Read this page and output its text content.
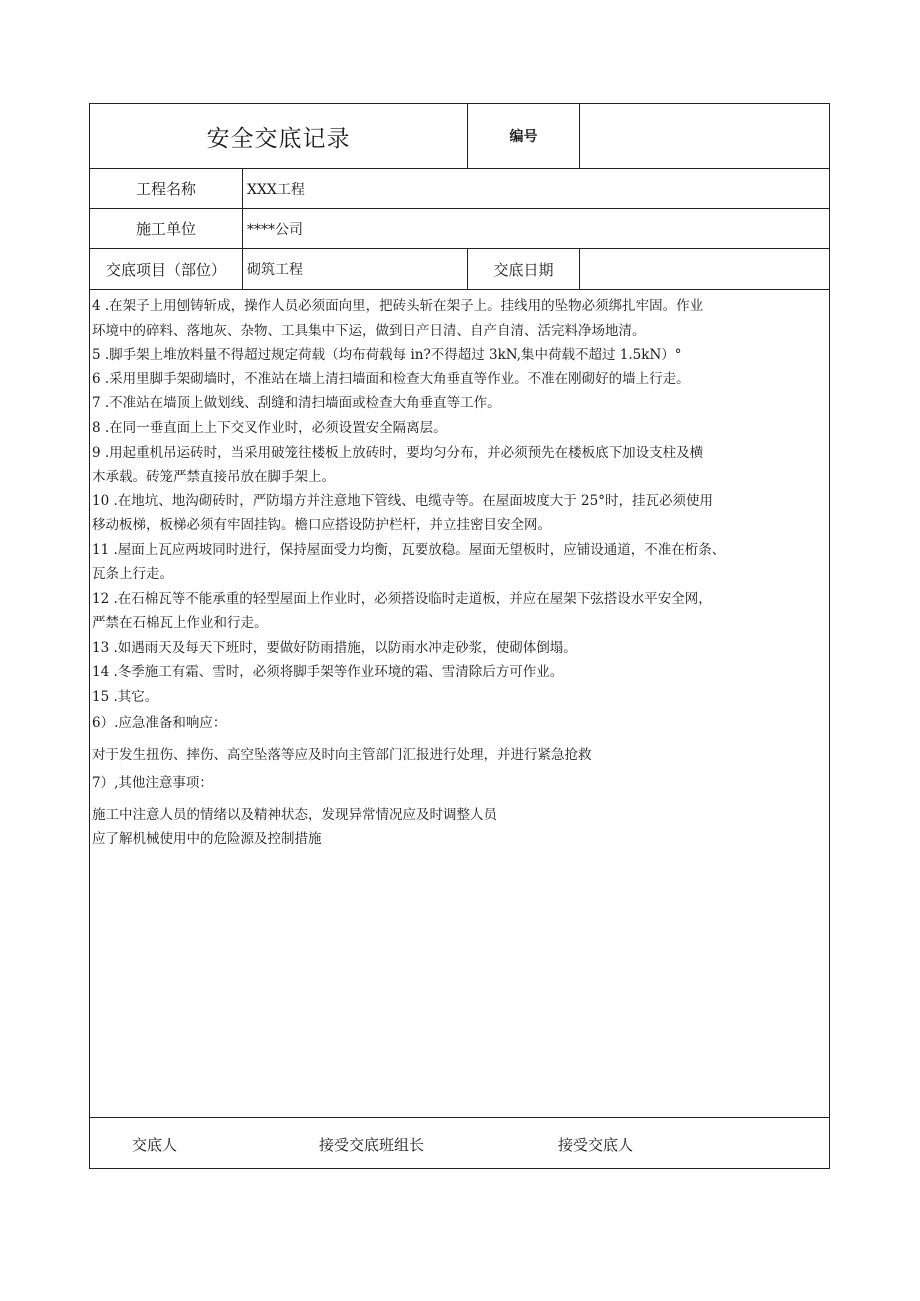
安全交底记录	编号
工程名称	XXX工程
施工单位	****公司
交底项目（部位）	砌筑工程	交底日期
4 .在架子上用刨铸斩成，操作人员必须面向里，把砖头斩在架子上。挂线用的坠物必须绑扎牢固。作业
环境中的碎料、落地灰、杂物、工具集中下运，做到日产日清、自产自清、活完料净场地清。
5 .脚手架上堆放料量不得超过规定荷载（均布荷载每 in?不得超过 3kN,集中荷载不超过 1.5kN）°
6 .采用里脚手架砌墙时，不准站在墙上清扫墙面和检查大角垂直等作业。不准在刚砌好的墙上行走。
7 .不准站在墙顶上做划线、刮缝和清扫墙面或检查大角垂直等工作。
8 .在同一垂直面上上下交叉作业时，必须设置安全隔离层。
9 .用起重机吊运砖时，当采用破笼往楼板上放砖时，要均匀分布，并必须预先在楼板底下加设支柱及横
木承载。砖笼严禁直接吊放在脚手架上。
10 .在地坑、地沟砌砖时，严防塌方并注意地下管线、电缆寺等。在屋面坡度大于 25°时，挂瓦必须使用
移动板梯，板梯必须有牢固挂钩。檐口应搭设防护栏杆，并立挂密目安全网。
11 .屋面上瓦应两坡同时进行，保持屋面受力均衡，瓦要放稳。屋面无望板时，应铺设通道，不准在桁条、
瓦条上行走。
12 .在石棉瓦等不能承重的轻型屋面上作业时，必须搭设临时走道板，并应在屋架下弦搭设水平安全网，
严禁在石棉瓦上作业和行走。
13 .如遇雨天及每天下班时，要做好防雨措施，以防雨水冲走砂浆，使砌体倒塌。
14 .冬季施工有霜、雪时，必须将脚手架等作业环境的霜、雪清除后方可作业。
15 .其它。
6）.应急准备和响应：
对于发生扭伤、摔伤、高空坠落等应及时向主管部门汇报进行处理，并进行紧急抢救
7）,其他注意事项：
施工中注意人员的情绪以及精神状态，发现异常情况应及时调整人员
应了解机械使用中的危险源及控制措施
交底人	接受交底班组长	接受交底人
